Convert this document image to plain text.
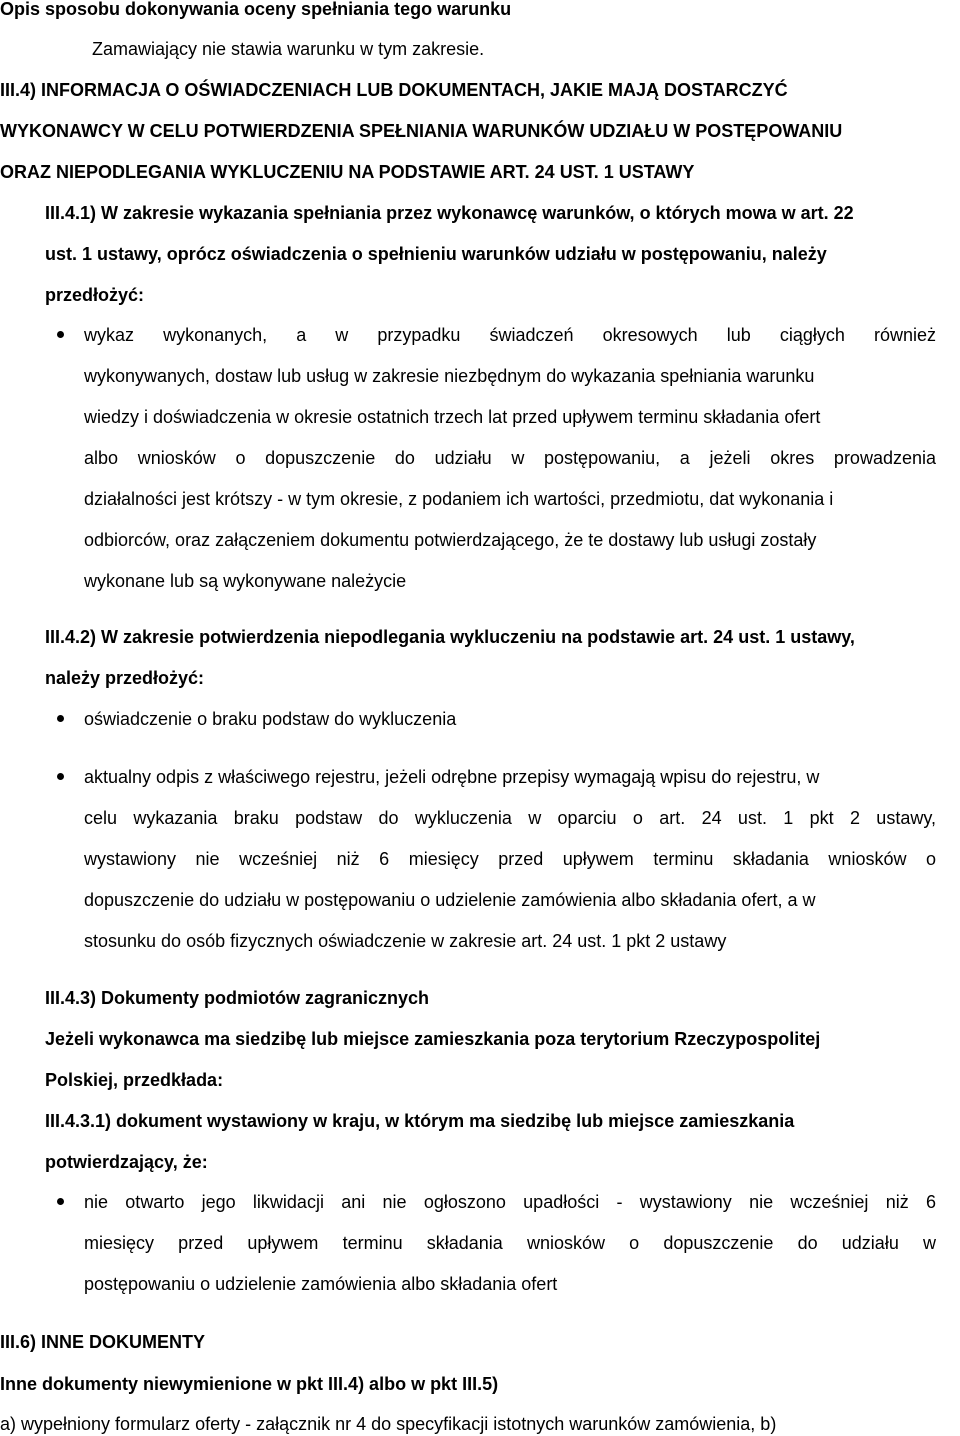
Opis sposobu dokonywania oceny spełniania tego warunku
Zamawiający nie stawia warunku w tym zakresie.
III.4) INFORMACJA O OŚWIADCZENIACH LUB DOKUMENTACH, JAKIE MAJĄ DOSTARCZYĆ
WYKONAWCY W CELU POTWIERDZENIA SPEŁNIANIA WARUNKÓW UDZIAŁU W POSTĘPOWANIU
ORAZ NIEPODLEGANIA WYKLUCZENIU NA PODSTAWIE ART. 24 UST. 1 USTAWY
III.4.1) W zakresie wykazania spełniania przez wykonawcę warunków, o których mowa w art. 22
ust. 1 ustawy, oprócz oświadczenia o spełnieniu warunków udziału w postępowaniu, należy
przedłożyć:
wykaz wykonanych, a w przypadku świadczeń okresowych lub ciągłych również
wykonywanych, dostaw lub usług w zakresie niezbędnym do wykazania spełniania warunku
wiedzy i doświadczenia w okresie ostatnich trzech lat przed upływem terminu składania ofert
albo wniosków o dopuszczenie do udziału w postępowaniu, a jeżeli okres prowadzenia
działalności jest krótszy - w tym okresie, z podaniem ich wartości, przedmiotu, dat wykonania i
odbiorców, oraz załączeniem dokumentu potwierdzającego, że te dostawy lub usługi zostały
wykonane lub są wykonywane należycie
III.4.2) W zakresie potwierdzenia niepodlegania wykluczeniu na podstawie art. 24 ust. 1 ustawy,
należy przedłożyć:
oświadczenie o braku podstaw do wykluczenia
aktualny odpis z właściwego rejestru, jeżeli odrębne przepisy wymagają wpisu do rejestru, w
celu wykazania braku podstaw do wykluczenia w oparciu o art. 24 ust. 1 pkt 2 ustawy,
wystawiony nie wcześniej niż 6 miesięcy przed upływem terminu składania wniosków o
dopuszczenie do udziału w postępowaniu o udzielenie zamówienia albo składania ofert, a w
stosunku do osób fizycznych oświadczenie w zakresie art. 24 ust. 1 pkt 2 ustawy
III.4.3) Dokumenty podmiotów zagranicznych
Jeżeli wykonawca ma siedzibę lub miejsce zamieszkania poza terytorium Rzeczypospolitej
Polskiej, przedkłada:
III.4.3.1) dokument wystawiony w kraju, w którym ma siedzibę lub miejsce zamieszkania
potwierdzający, że:
nie otwarto jego likwidacji ani nie ogłoszono upadłości - wystawiony nie wcześniej niż 6
miesięcy przed upływem terminu składania wniosków o dopuszczenie do udziału w
postępowaniu o udzielenie zamówienia albo składania ofert
III.6) INNE DOKUMENTY
Inne dokumenty niewymienione w pkt III.4) albo w pkt III.5)
a) wypełniony formularz oferty - załącznik nr 4 do specyfikacji istotnych warunków zamówienia, b)
